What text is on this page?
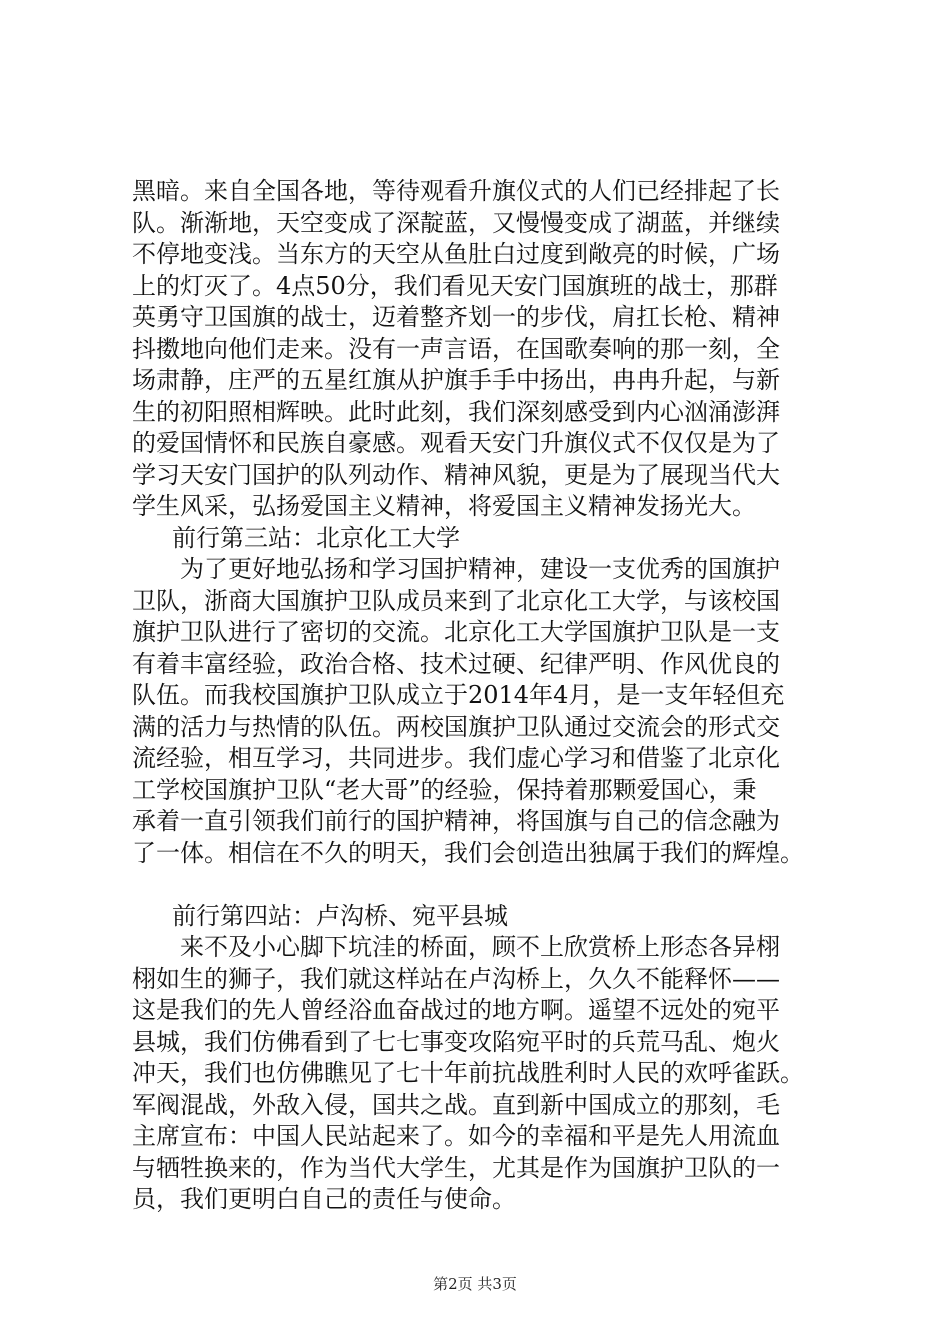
黑暗。来自全国各地，等待观看升旗仪式的人们已经排起了长
队。渐渐地，天空变成了深靛蓝，又慢慢变成了湖蓝，并继续
不停地变浅。当东方的天空从鱼肚白过度到敞亮的时候，广场
上的灯灭了。4点50分，我们看见天安门国旗班的战士，那群
英勇守卫国旗的战士，迈着整齐划一的步伐，肩扛长枪、精神
抖擞地向他们走来。没有一声言语，在国歌奏响的那一刻，全
场肃静，庄严的五星红旗从护旗手手中扬出，冉冉升起，与新
生的初阳照相辉映。此时此刻，我们深刻感受到内心汹涌澎湃
的爱国情怀和民族自豪感。观看天安门升旗仪式不仅仅是为了
学习天安门国护的队列动作、精神风貌，更是为了展现当代大
学生风采，弘扬爱国主义精神，将爱国主义精神发扬光大。
前行第三站：北京化工大学
为了更好地弘扬和学习国护精神，建设一支优秀的国旗护
卫队，浙商大国旗护卫队成员来到了北京化工大学，与该校国
旗护卫队进行了密切的交流。北京化工大学国旗护卫队是一支
有着丰富经验，政治合格、技术过硬、纪律严明、作风优良的
队伍。而我校国旗护卫队成立于2014年4月，是一支年轻但充
满的活力与热情的队伍。两校国旗护卫队通过交流会的形式交
流经验，相互学习，共同进步。我们虚心学习和借鉴了北京化
工学校国旗护卫队“老大哥”的经验，保持着那颗爱国心，秉
承着一直引领我们前行的国护精神，将国旗与自己的信念融为
了一体。相信在不久的明天，我们会创造出独属于我们的辉煌。
前行第四站：卢沟桥、宛平县城
来不及小心脚下坑洼的桥面，顾不上欣赏桥上形态各异栩
栩如生的狮子，我们就这样站在卢沟桥上，久久不能释怀——
这是我们的先人曾经浴血奋战过的地方啊。遥望不远处的宛平
县城，我们仿佛看到了七七事变攻陷宛平时的兵荒马乱、炮火
冲天，我们也仿佛瞧见了七十年前抗战胜利时人民的欢呼雀跃。
军阀混战，外敌入侵，国共之战。直到新中国成立的那刻，毛
主席宣布：中国人民站起来了。如今的幸福和平是先人用流血
与牺牲换来的，作为当代大学生，尤其是作为国旗护卫队的一
员，我们更明白自己的责任与使命。
第2页 共3页
